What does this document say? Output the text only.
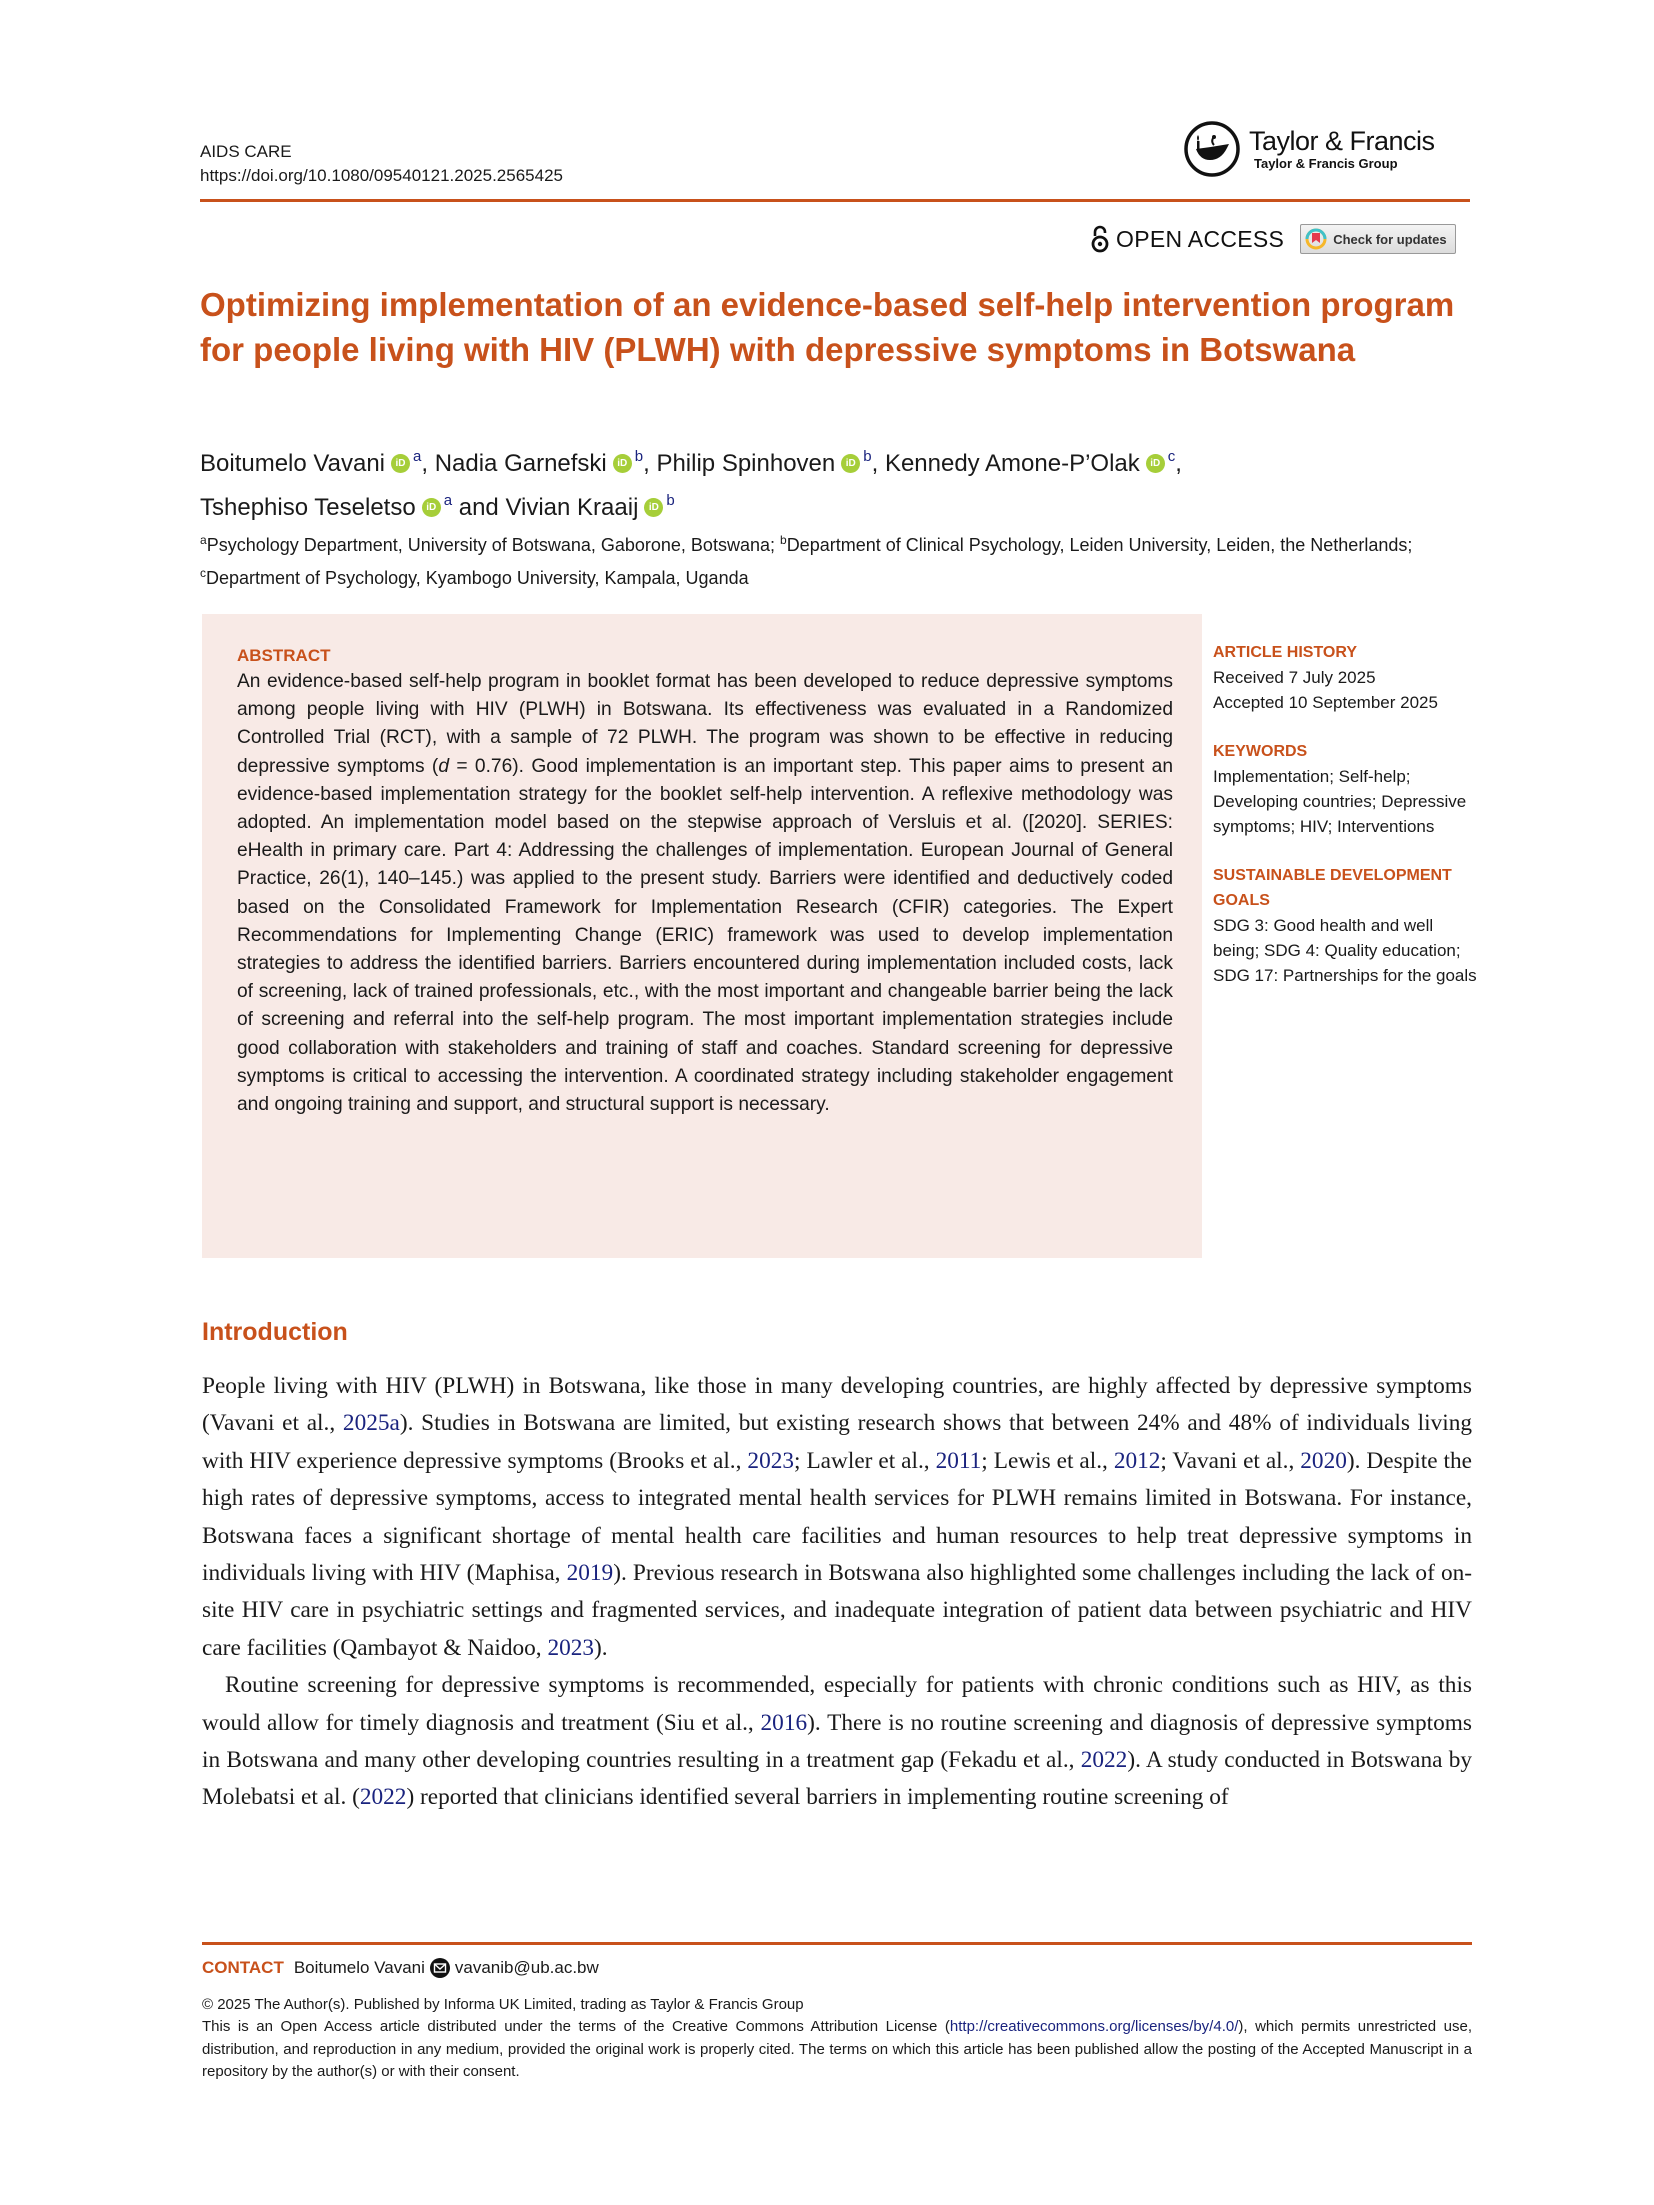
AIDS CARE
https://doi.org/10.1080/09540121.2025.2565425
Taylor & Francis
Taylor & Francis Group
OPEN ACCESS	Check for updates
Optimizing implementation of an evidence-based self-help intervention program for people living with HIV (PLWH) with depressive symptoms in Botswana
Boitumelo Vavani iD $^a$, Nadia Garnefski iD $^b$, Philip Spinhoven iD $^b$, Kennedy Amone-P’Olak iD $^c$,
Tshephiso Teseletso iD $^a$ and Vivian Kraaij iD $^b$
$^a$Psychology Department, University of Botswana, Gaborone, Botswana; $^b$Department of Clinical Psychology, Leiden University, Leiden, the Netherlands; $^c$Department of Psychology, Kyambogo University, Kampala, Uganda
ABSTRACT

An evidence-based self-help program in booklet format has been developed to reduce depressive symptoms among people living with HIV (PLWH) in Botswana. Its effectiveness was evaluated in a Randomized Controlled Trial (RCT), with a sample of 72 PLWH. The program was shown to be effective in reducing depressive symptoms (d = 0.76). Good implementation is an important step. This paper aims to present an evidence-based implementation strategy for the booklet self-help intervention. A reflexive methodology was adopted. An implementation model based on the stepwise approach of Versluis et al. ([2020]. SERIES: eHealth in primary care. Part 4: Addressing the challenges of implementation. European Journal of General Practice, 26(1), 140–145.) was applied to the present study. Barriers were identified and deductively coded based on the Consolidated Framework for Implementation Research (CFIR) categories. The Expert Recommendations for Implementing Change (ERIC) framework was used to develop implementation strategies to address the identified barriers. Barriers encountered during implementation included costs, lack of screening, lack of trained professionals, etc., with the most important and changeable barrier being the lack of screening and referral into the self-help program. The most important implementation strategies include good collaboration with stakeholders and training of staff and coaches. Standard screening for depressive symptoms is critical to accessing the intervention. A coordinated strategy including stakeholder engagement and ongoing training and support, and structural support is necessary.

ARTICLE HISTORY
Received 7 July 2025
Accepted 10 September 2025
KEYWORDS
Implementation; Self-help; Developing countries; Depressive symptoms; HIV; Interventions
SUSTAINABLE DEVELOPMENT GOALS
SDG 3: Good health and well being; SDG 4: Quality education; SDG 17: Partnerships for the goals
Introduction

People living with HIV (PLWH) in Botswana, like those in many developing countries, are highly affected by depressive symptoms (Vavani et al., 2025a). Studies in Botswana are limited, but existing research shows that between 24% and 48% of individuals living with HIV experience depressive symptoms (Brooks et al., 2023; Lawler et al., 2011; Lewis et al., 2012; Vavani et al., 2020). Despite the high rates of depressive symptoms, access to integrated mental health services for PLWH remains limited in Botswana. For instance, Botswana faces a significant shortage of mental health care facilities and human resources to help treat depressive symptoms in individuals living with HIV (Maphisa, 2019). Previous research in Botswana also highlighted some challenges including the lack of on-site HIV care in psychiatric settings and fragmented services, and inadequate integration of patient data between psychiatric and HIV care facilities (Qambayot & Naidoo, 2023).

Routine screening for depressive symptoms is recommended, especially for patients with chronic conditions such as HIV, as this would allow for timely diagnosis and treatment (Siu et al., 2016). There is no routine screening and diagnosis of depressive symptoms in Botswana and many other developing countries resulting in a treatment gap (Fekadu et al., 2022). A study conducted in Botswana by Molebatsi et al. (2022) reported that clinicians identified several barriers in implementing routine screening of

CONTACT Boitumelo Vavani vavanib@ub.ac.bw

© 2025 The Author(s). Published by Informa UK Limited, trading as Taylor & Francis Group

This is an Open Access article distributed under the terms of the Creative Commons Attribution License (http://creativecommons.org/licenses/by/4.0/), which permits unrestricted use, distribution, and reproduction in any medium, provided the original work is properly cited. The terms on which this article has been published allow the posting of the Accepted Manuscript in a repository by the author(s) or with their consent.
